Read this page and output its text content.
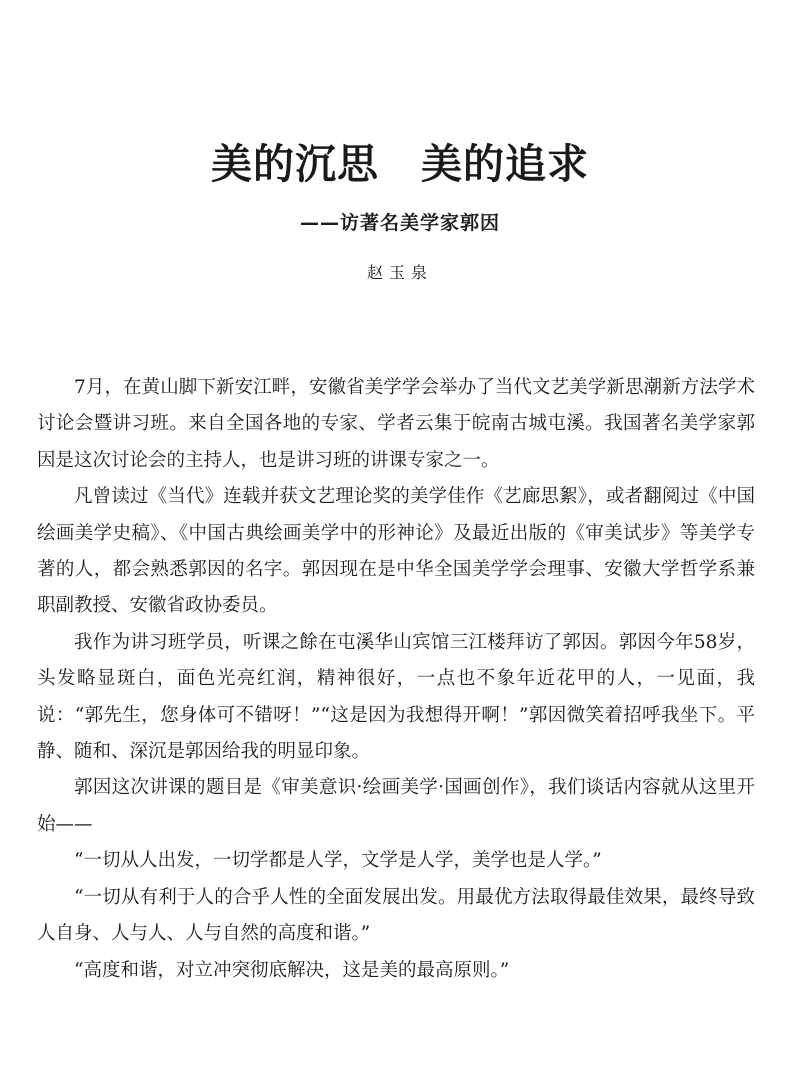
美的沉思　美的追求
——访著名美学家郭因
赵玉泉

7月，在黄山脚下新安江畔，安徽省美学学会举办了当代文艺美学新思潮新方法学术讨论会暨讲习班。来自全国各地的专家、学者云集于皖南古城屯溪。我国著名美学家郭因是这次讨论会的主持人，也是讲习班的讲课专家之一。

凡曾读过《当代》连载并获文艺理论奖的美学佳作《艺廊思絮》，或者翻阅过《中国绘画美学史稿》、《中国古典绘画美学中的形神论》及最近出版的《审美试步》等美学专著的人，都会熟悉郭因的名字。郭因现在是中华全国美学学会理事、安徽大学哲学系兼职副教授、安徽省政协委员。

我作为讲习班学员，听课之餘在屯溪华山宾馆三江楼拜访了郭因。郭因今年58岁，头发略显斑白，面色光亮红润，精神很好，一点也不象年近花甲的人，一见面，我说：“郭先生，您身体可不错呀！”“这是因为我想得开啊！”郭因微笑着招呼我坐下。平静、随和、深沉是郭因给我的明显印象。

郭因这次讲课的题目是《审美意识·绘画美学·国画创作》，我们谈话内容就从这里开始——

“一切从人出发，一切学都是人学，文学是人学，美学也是人学。”

“一切从有利于人的合乎人性的全面发展出发。用最优方法取得最佳效果，最终导致人自身、人与人、人与自然的高度和谐。”

“高度和谐，对立冲突彻底解决，这是美的最高原则。”
